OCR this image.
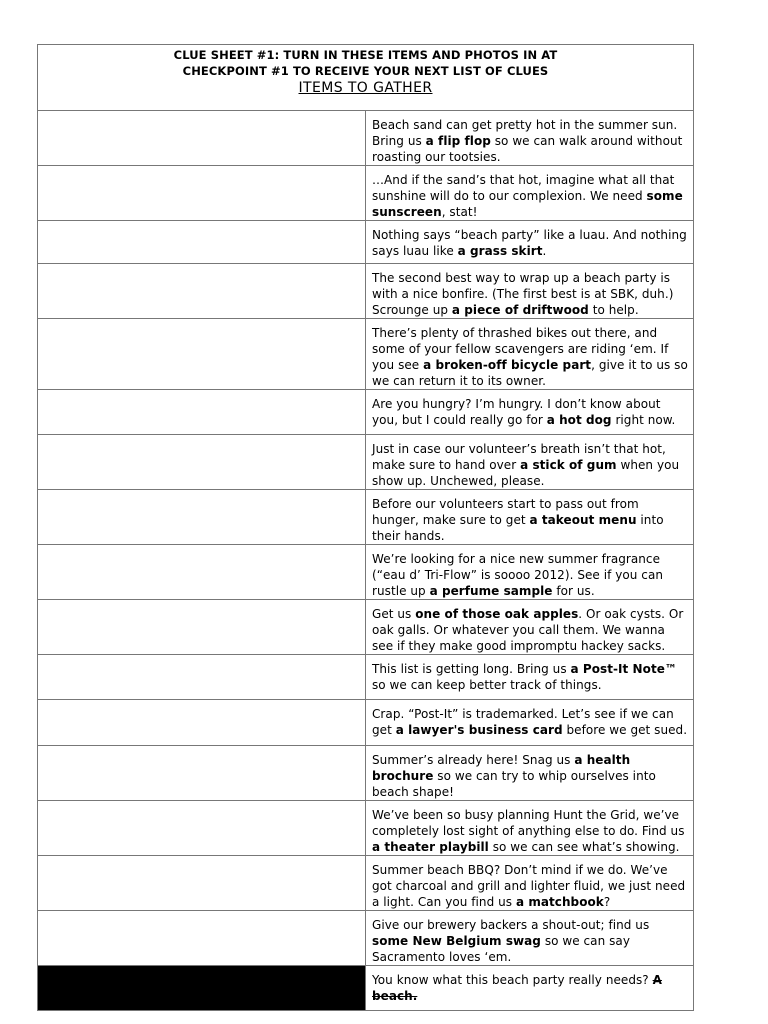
CLUE SHEET #1: TURN IN THESE ITEMS AND PHOTOS IN AT
CHECKPOINT #1 TO RECEIVE YOUR NEXT LIST OF CLUES
ITEMS TO GATHER	

	Beach sand can get pretty hot in the summer sun. Bring us a flip flop so we can walk around without roasting our tootsies.
	…And if the sand’s that hot, imagine what all that sunshine will do to our complexion. We need some sunscreen, stat!
	Nothing says “beach party” like a luau. And nothing says luau like a grass skirt.
	The second best way to wrap up a beach party is with a nice bonfire. (The first best is at SBK, duh.) Scrounge up a piece of driftwood to help.
	There’s plenty of thrashed bikes out there, and some of your fellow scavengers are riding ‘em. If you see a broken-off bicycle part, give it to us so we can return it to its owner.
	Are you hungry? I’m hungry. I don’t know about you, but I could really go for a hot dog right now.
	Just in case our volunteer’s breath isn’t that hot, make sure to hand over a stick of gum when you show up. Unchewed, please.
	Before our volunteers start to pass out from hunger, make sure to get a takeout menu into their hands.
	We’re looking for a nice new summer fragrance (“eau d’ Tri-Flow” is soooo 2012). See if you can rustle up a perfume sample for us.
	Get us one of those oak apples. Or oak cysts. Or oak galls. Or whatever you call them. We wanna see if they make good impromptu hackey sacks.
	This list is getting long. Bring us a Post-It Note™ so we can keep better track of things.
	Crap. “Post-It” is trademarked. Let’s see if we can get a lawyer's business card before we get sued.
	Summer’s already here! Snag us a health brochure so we can try to whip ourselves into beach shape!
	We’ve been so busy planning Hunt the Grid, we’ve completely lost sight of anything else to do. Find us a theater playbill so we can see what’s showing.
	Summer beach BBQ? Don’t mind if we do. We’ve got charcoal and grill and lighter fluid, we just need a light. Can you find us a matchbook?
	Give our brewery backers a shout-out; find us some New Belgium swag so we can say Sacramento loves ‘em.
	You know what this beach party really needs? A beach.
